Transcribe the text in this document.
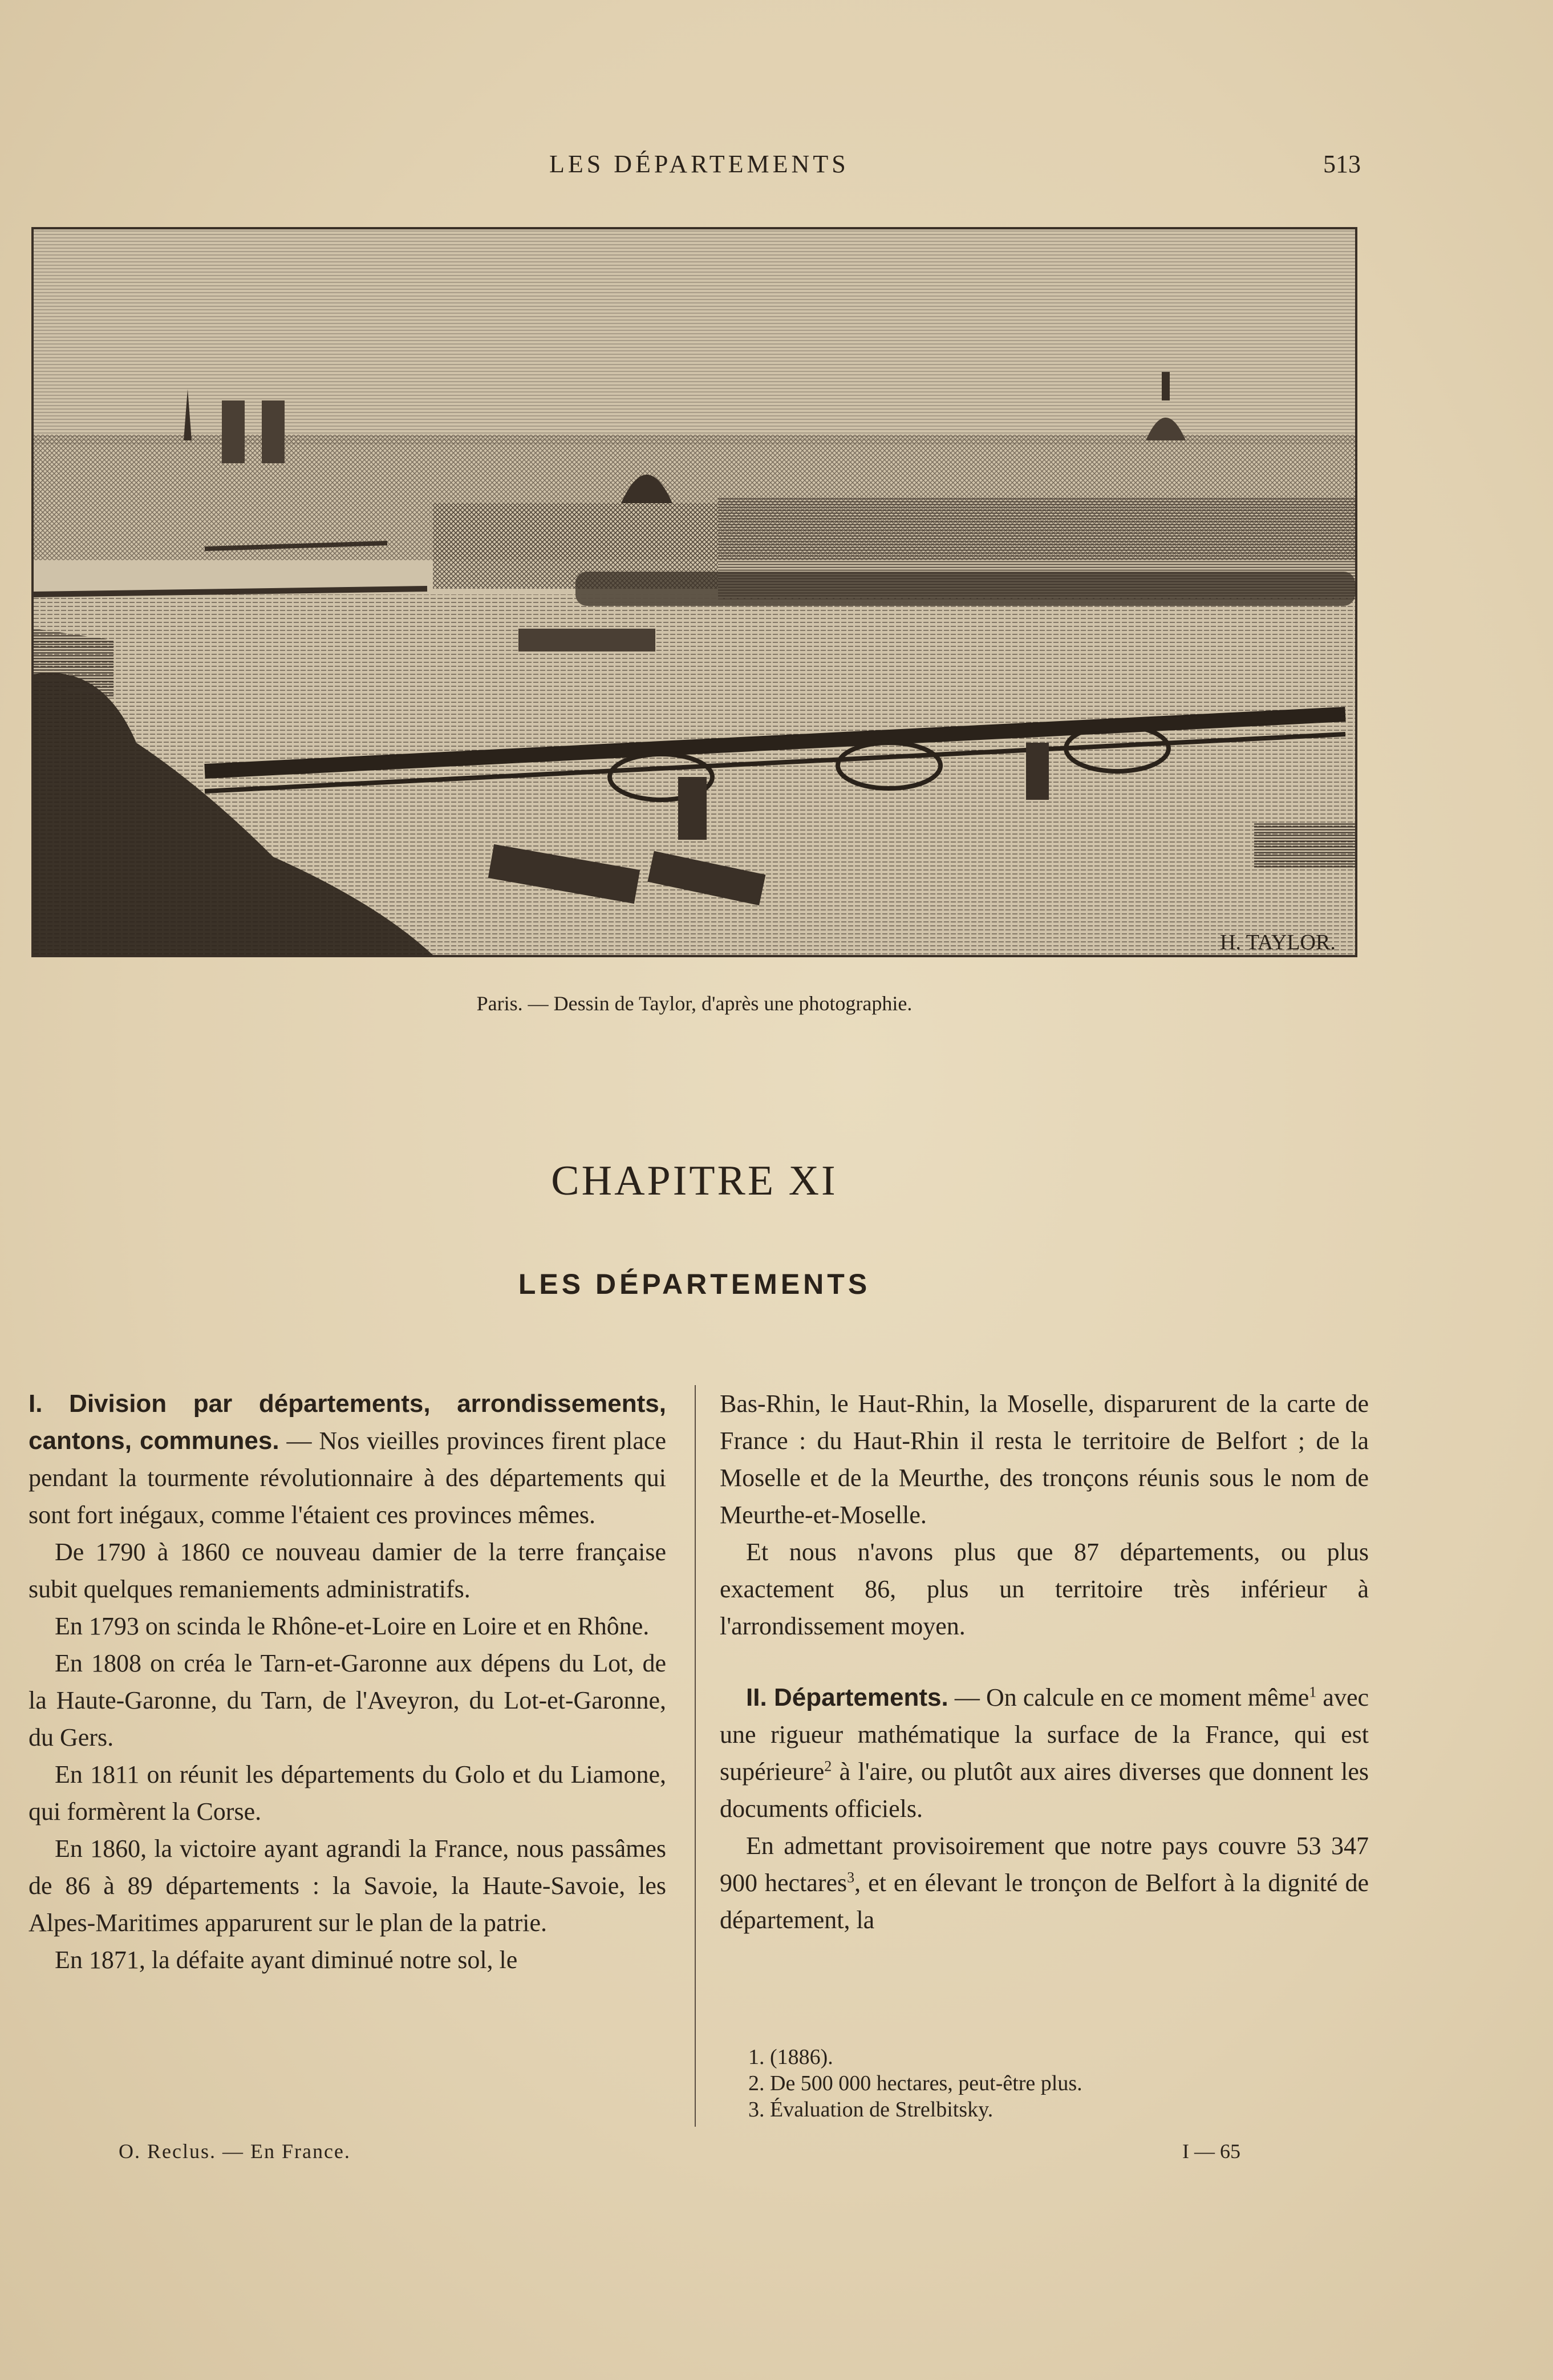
LES DÉPARTEMENTS	513
H. TAYLOR.
Paris. — Dessin de Taylor, d'après une photographie.
CHAPITRE XI
LES DÉPARTEMENTS

I. Division par départements, arrondissements, cantons, communes. — Nos vieilles provinces firent place pendant la tourmente révolutionnaire à des départements qui sont fort inégaux, comme l'étaient ces provinces mêmes.

De 1790 à 1860 ce nouveau damier de la terre française subit quelques remaniements administratifs.

En 1793 on scinda le Rhône-et-Loire en Loire et en Rhône.

En 1808 on créa le Tarn-et-Garonne aux dépens du Lot, de la Haute-Garonne, du Tarn, de l'Aveyron, du Lot-et-Garonne, du Gers.

En 1811 on réunit les départements du Golo et du Liamone, qui formèrent la Corse.

En 1860, la victoire ayant agrandi la France, nous passâmes de 86 à 89 départements : la Savoie, la Haute-Savoie, les Alpes-Maritimes apparurent sur le plan de la patrie.

En 1871, la défaite ayant diminué notre sol, le

Bas-Rhin, le Haut-Rhin, la Moselle, disparurent de la carte de France : du Haut-Rhin il resta le territoire de Belfort ; de la Moselle et de la Meurthe, des tronçons réunis sous le nom de Meurthe-et-Moselle.

Et nous n'avons plus que 87 départements, ou plus exactement 86, plus un territoire très inférieur à l'arrondissement moyen.

II. Départements. — On calcule en ce moment même$^1$ avec une rigueur mathématique la surface de la France, qui est supérieure$^2$ à l'aire, ou plutôt aux aires diverses que donnent les documents officiels.

En admettant provisoirement que notre pays couvre 53 347 900 hectares$^3$, et en élevant le tronçon de Belfort à la dignité de département, la

1. (1886).
2. De 500 000 hectares, peut-être plus.
3. Évaluation de Strelbitsky.
O. Reclus. — En France.	I — 65
